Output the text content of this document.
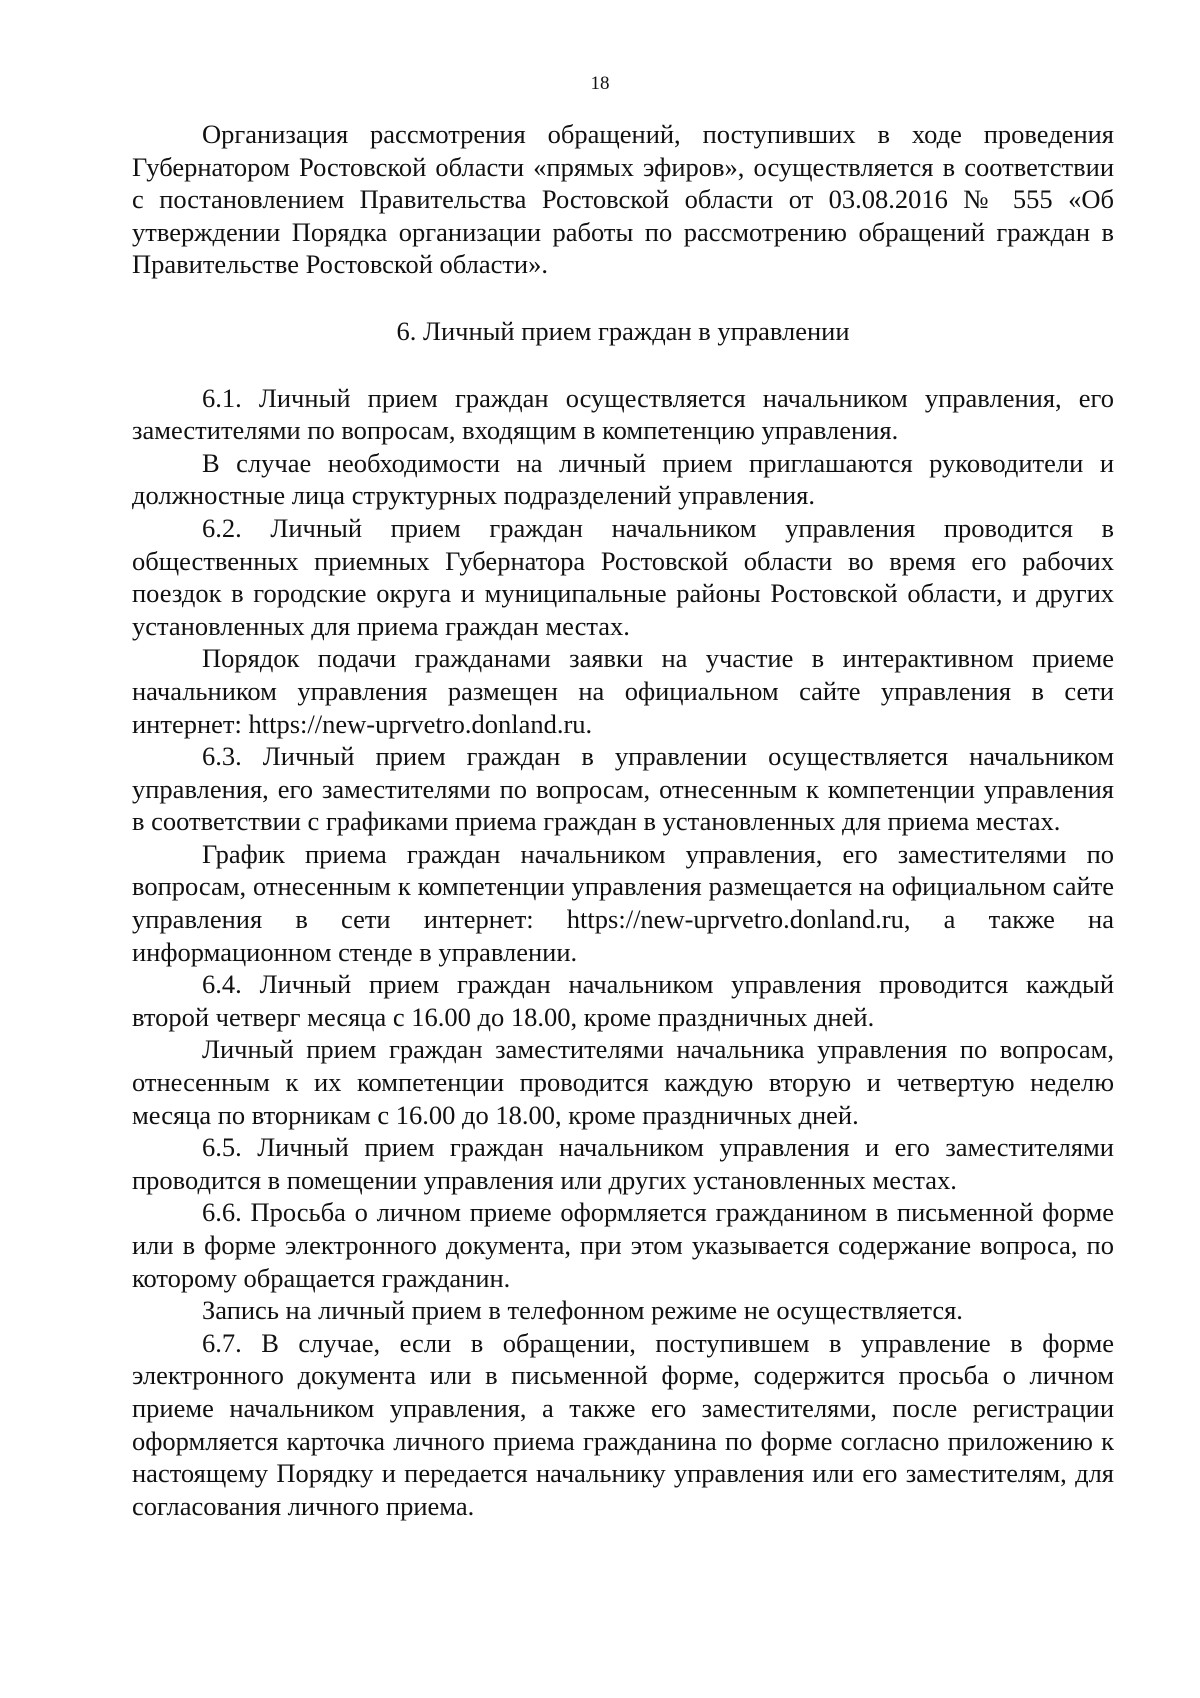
18

Организация рассмотрения обращений, поступивших в ходе проведения Губернатором Ростовской области «прямых эфиров», осуществляется в соответствии с постановлением Правительства Ростовской области от 03.08.2016 № 555 «Об утверждении Порядка организации работы по рассмотрению обращений граждан в Правительстве Ростовской области».

6. Личный прием граждан в управлении

6.1. Личный прием граждан осуществляется начальником управления, его заместителями по вопросам, входящим в компетенцию управления.

В случае необходимости на личный прием приглашаются руководители и должностные лица структурных подразделений управления.

6.2. Личный прием граждан начальником управления проводится в общественных приемных Губернатора Ростовской области во время его рабочих поездок в городские округа и муниципальные районы Ростовской области, и других установленных для приема граждан местах.

Порядок подачи гражданами заявки на участие в интерактивном приеме начальником управления размещен на официальном сайте управления в сети интернет: https://new-uprvetro.donland.ru.

6.3. Личный прием граждан в управлении осуществляется начальником управления, его заместителями по вопросам, отнесенным к компетенции управления в соответствии с графиками приема граждан в установленных для приема местах.

График приема граждан начальником управления, его заместителями по вопросам, отнесенным к компетенции управления размещается на официальном сайте управления в сети интернет: https://new-uprvetro.donland.ru, а также на информационном стенде в управлении.

6.4. Личный прием граждан начальником управления проводится каждый второй четверг месяца с 16.00 до 18.00, кроме праздничных дней.

Личный прием граждан заместителями начальника управления по вопросам, отнесенным к их компетенции проводится каждую вторую и четвертую неделю месяца по вторникам с 16.00 до 18.00, кроме праздничных дней.

6.5. Личный прием граждан начальником управления и его заместителями проводится в помещении управления или других установленных местах.

6.6. Просьба о личном приеме оформляется гражданином в письменной форме или в форме электронного документа, при этом указывается содержание вопроса, по которому обращается гражданин.

Запись на личный прием в телефонном режиме не осуществляется.

6.7. В случае, если в обращении, поступившем в управление в форме электронного документа или в письменной форме, содержится просьба о личном приеме начальником управления, а также его заместителями, после регистрации оформляется карточка личного приема гражданина по форме согласно приложению к настоящему Порядку и передается начальнику управления или его заместителям, для согласования личного приема.
